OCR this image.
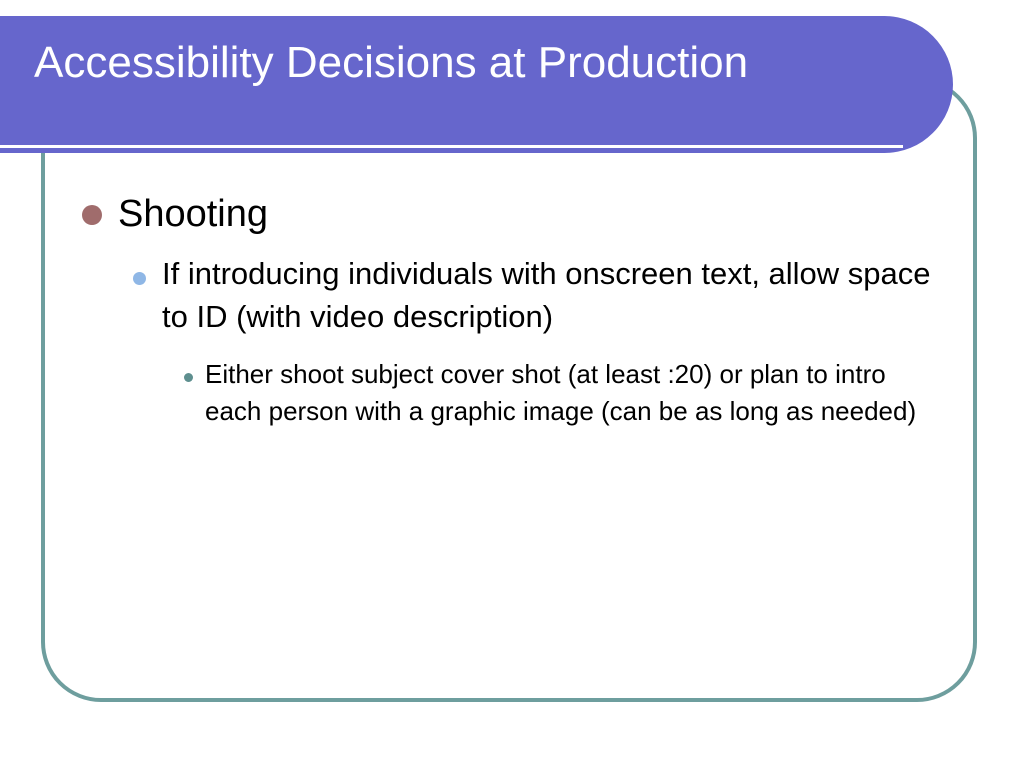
Accessibility Decisions at Production
Shooting
If introducing individuals with onscreen text, allow space to ID (with video description)
Either shoot subject cover shot (at least :20) or plan to intro each person with a graphic image (can be as long as needed)
